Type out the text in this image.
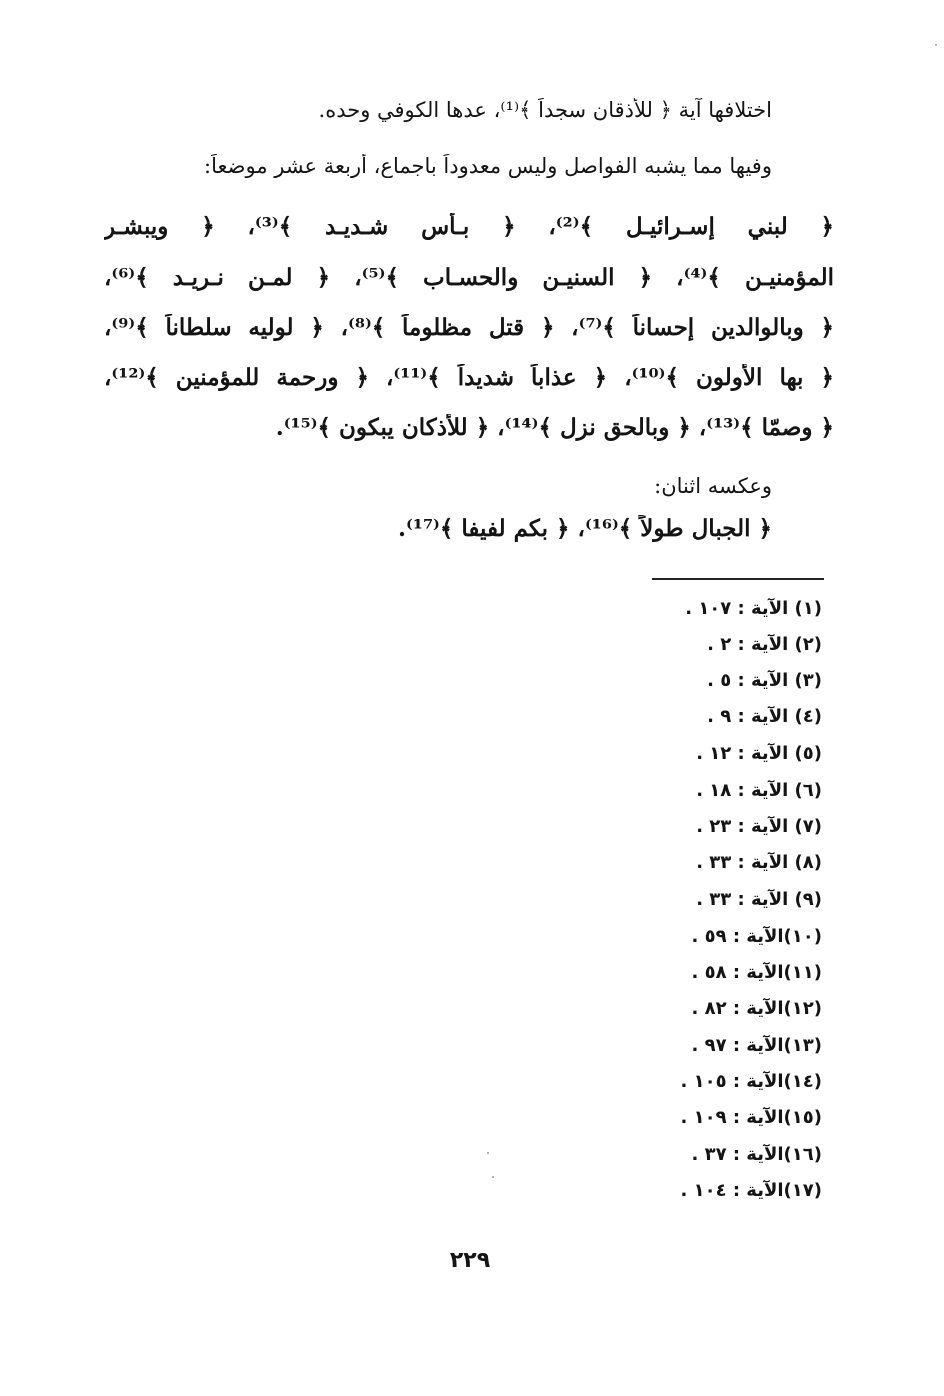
اختلافها آية ﴿ للأذقان سجداً ﴾⁽¹⁾، عدها الكوفي وحده.
وفيها مما يشبه الفواصل وليس معدوداً باجماع، أربعة عشر موضعاً:
﴿ لبني إسـرائيـل ﴾⁽²⁾، ﴿ بـأس شـديـد ﴾⁽³⁾، ﴿ ويبشـر
المؤمنيـن ﴾⁽⁴⁾، ﴿ السنيـن والحسـاب ﴾⁽⁵⁾، ﴿ لمـن نـريـد ﴾⁽⁶⁾،
﴿ وبالوالدين إحساناً ﴾⁽⁷⁾، ﴿ قتل مظلوماً ﴾⁽⁸⁾، ﴿ لوليه سلطاناً ﴾⁽⁹⁾،
﴿ بها الأولون ﴾⁽¹⁰⁾، ﴿ عذاباً شديداً ﴾⁽¹¹⁾، ﴿ ورحمة للمؤمنين ﴾⁽¹²⁾،
﴿ وصمّا ﴾⁽¹³⁾، ﴿ وبالحق نزل ﴾⁽¹⁴⁾، ﴿ للأذكان يبكون ﴾⁽¹⁵⁾.
وعكسه اثنان:
﴿ الجبال طولاً ﴾⁽¹⁶⁾، ﴿ بكم لفيفا ﴾⁽¹⁷⁾.
(١) الآية : ١٠٧ .
(٢) الآية : ٢ .
(٣) الآية : ٥ .
(٤) الآية : ٩ .
(٥) الآية : ١٢ .
(٦) الآية : ١٨ .
(٧) الآية : ٢٣ .
(٨) الآية : ٣٣ .
(٩) الآية : ٣٣ .
(١٠)الآية : ٥٩ .
(١١)الآية : ٥٨ .
(١٢)الآية : ٨٢ .
(١٣)الآية : ٩٧ .
(١٤)الآية : ١٠٥ .
(١٥)الآية : ١٠٩ .
(١٦)الآية : ٣٧ .
(١٧)الآية : ١٠٤ .
٢٢٩
